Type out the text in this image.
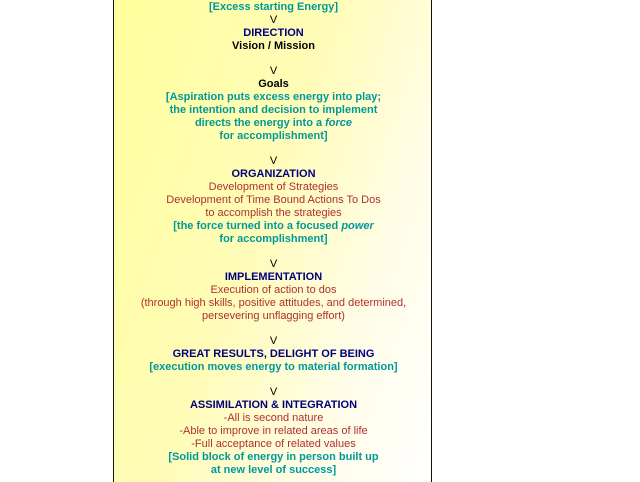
[Excess starting Energy]
V
DIRECTION
Vision / Mission
V
Goals
[Aspiration puts excess energy into play;
the intention and decision to implement
directs the energy into a force
for accomplishment]
V
ORGANIZATION
Development of Strategies
Development of Time Bound Actions To Dos
to accomplish the strategies
[the force turned into a focused power
for accomplishment]
V
IMPLEMENTATION
Execution of action to dos
(through high skills, positive attitudes, and determined,
persevering unflagging effort)
V
GREAT RESULTS, DELIGHT OF BEING
[execution moves energy to material formation]
V
ASSIMILATION & INTEGRATION
-All is second nature
-Able to improve in related areas of life
-Full acceptance of related values
[Solid block of energy in person built up
at new level of success]
